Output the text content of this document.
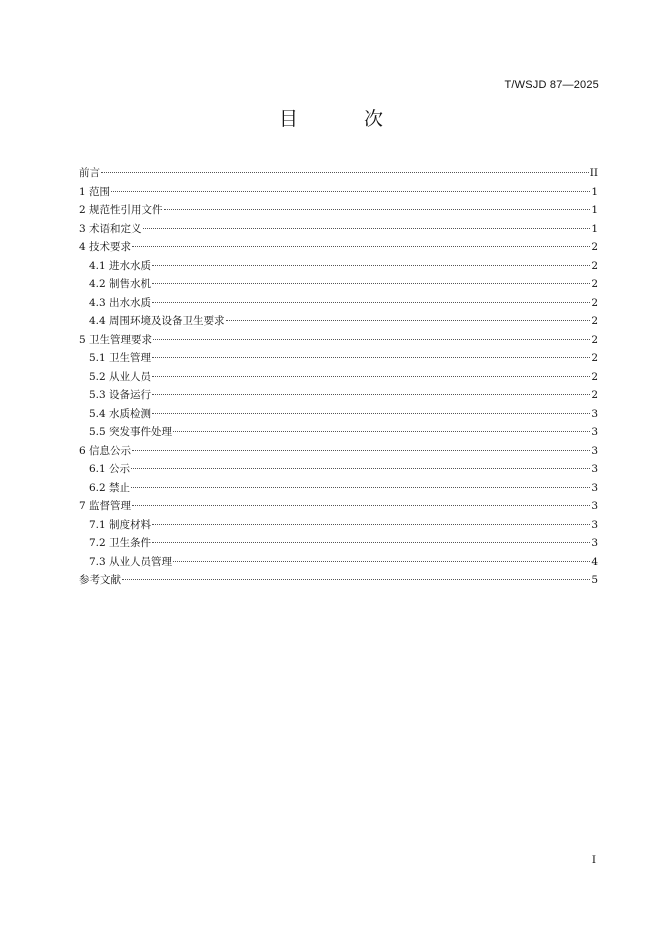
T/WSJD 87—2025
目 次
前言	II
1 范围	1
2 规范性引用文件	1
3 术语和定义	1
4 技术要求	2
4.1 进水水质	2
4.2 制售水机	2
4.3 出水水质	2
4.4 周围环境及设备卫生要求	2
5 卫生管理要求	2
5.1 卫生管理	2
5.2 从业人员	2
5.3 设备运行	2
5.4 水质检测	3
5.5 突发事件处理	3
6 信息公示	3
6.1 公示	3
6.2 禁止	3
7 监督管理	3
7.1 制度材料	3
7.2 卫生条件	3
7.3 从业人员管理	4
参考文献	5
I
